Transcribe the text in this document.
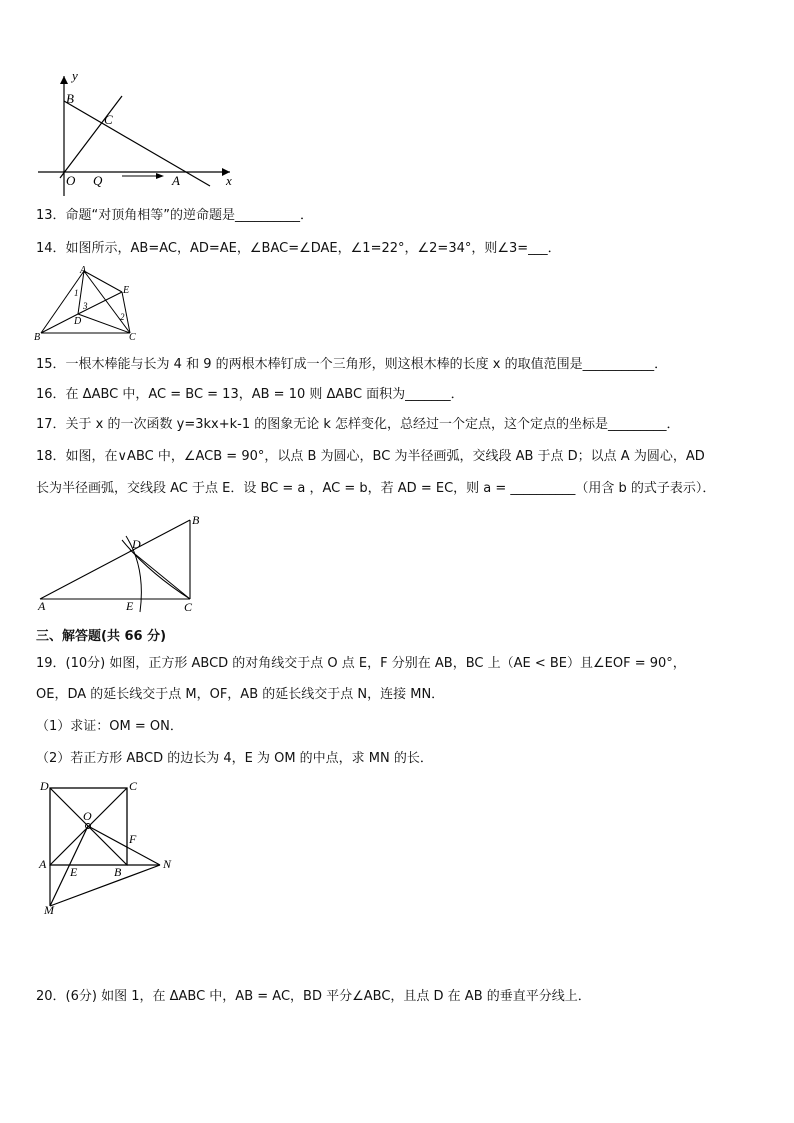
y
B
C
O Q	A	x
13．命题“对顶角相等”的逆命题是__________．
14．如图所示，AB=AC，AD=AE，∠BAC=∠DAE，∠1=22°，∠2=34°，则∠3=___．
A
E
D
B	C
1
3
2
15．一根木棒能与长为 4 和 9 的两根木棒钉成一个三角形，则这根木棒的长度 x 的取值范围是___________．
16．在 ΔABC 中，AC = BC = 13，AB = 10 则 ΔABC 面积为_______．
17．关于 x 的一次函数 y=3kx+k-1 的图象无论 k 怎样变化，总经过一个定点，这个定点的坐标是_________．
18．如图，在∨ABC 中，∠ACB = 90°，以点 B 为圆心，BC 为半径画弧，交线段 AB 于点 D；以点 A 为圆心，AD
长为半径画弧，交线段 AC 于点 E．设 BC = a ，AC = b，若 AD = EC，则 a = __________（用含 b 的式子表示）．
B
D
A	E	C
三、解答题(共 66 分)
19．(10分) 如图，正方形 ABCD 的对角线交于点 O 点 E，F 分别在 AB，BC 上（AE < BE）且∠EOF = 90°，
OE，DA 的延长线交于点 M，OF，AB 的延长线交于点 N，连接 MN．
（1）求证：OM = ON．
（2）若正方形 ABCD 的边长为 4，E 为 OM 的中点，求 MN 的长．
D	C
O
F
A	N
E	B
M
20．(6分) 如图 1，在 ΔABC 中，AB = AC，BD 平分∠ABC，且点 D 在 AB 的垂直平分线上．
